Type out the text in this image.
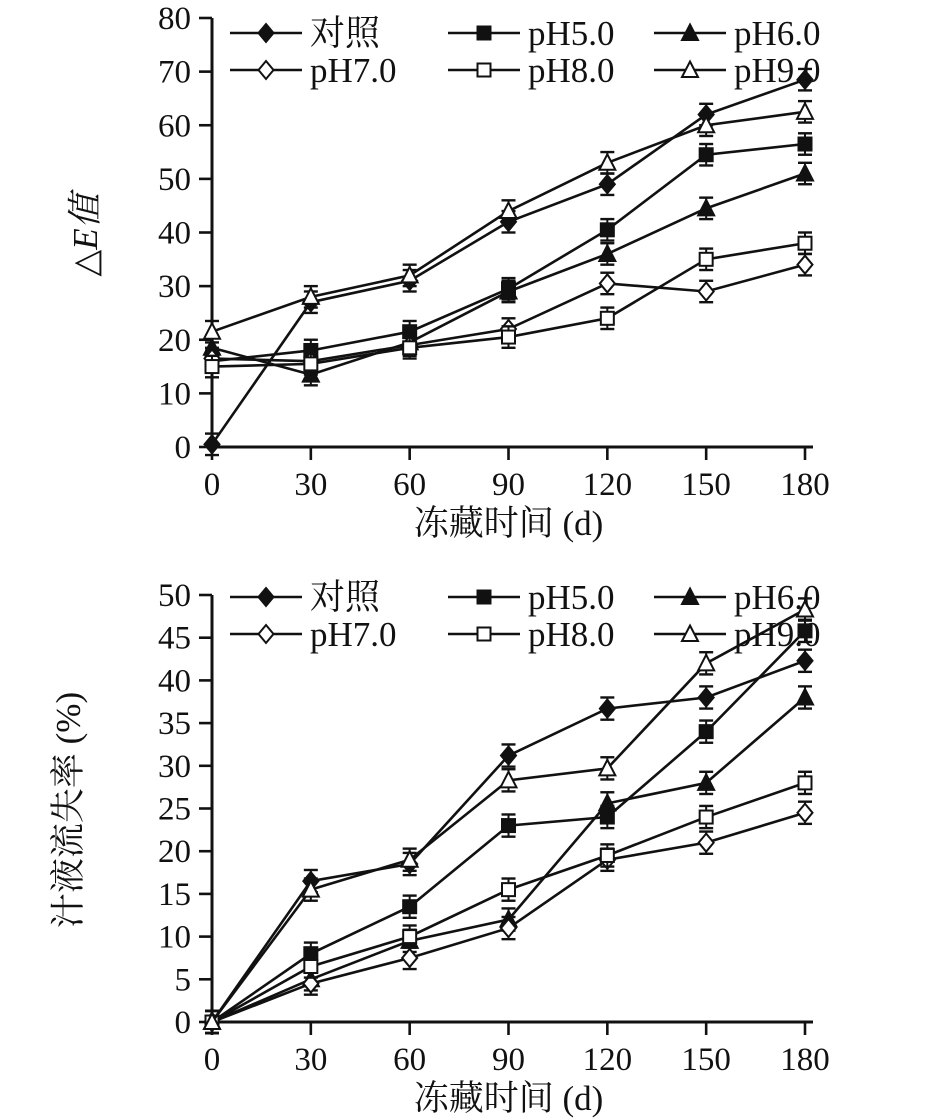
0
10
20
30
40
50
60
70
80
0 30 60 90 120 150 180
冻藏时间 (d)
△E值
对照	pH5.0	pH6.0
pH7.0	pH8.0	pH9.0
0
5
10
15
20
25
30
35
40
45
50
0 30 60 90 120 150 180
冻藏时间 (d)
汁液流失率 (%)
对照	pH5.0	pH6.0
pH7.0	pH8.0	pH9.0
